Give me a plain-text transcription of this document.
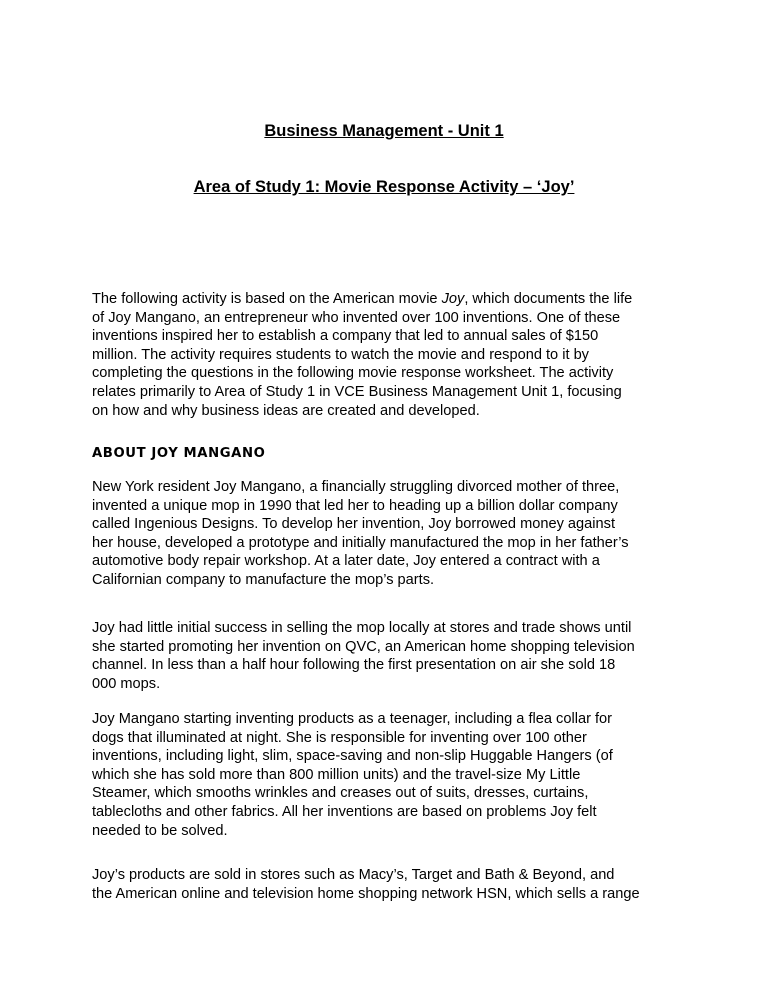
Business Management - Unit 1
Area of Study 1: Movie Response Activity – ‘Joy’
The following activity is based on the American movie Joy, which documents the life
of Joy Mangano, an entrepreneur who invented over 100 inventions. One of these
inventions inspired her to establish a company that led to annual sales of $150
million. The activity requires students to watch the movie and respond to it by
completing the questions in the following movie response worksheet. The activity
relates primarily to Area of Study 1 in VCE Business Management Unit 1, focusing
on how and why business ideas are created and developed.
ABOUT JOY MANGANO
New York resident Joy Mangano, a financially struggling divorced mother of three,
invented a unique mop in 1990 that led her to heading up a billion dollar company
called Ingenious Designs. To develop her invention, Joy borrowed money against
her house, developed a prototype and initially manufactured the mop in her father’s
automotive body repair workshop. At a later date, Joy entered a contract with a
Californian company to manufacture the mop’s parts.
Joy had little initial success in selling the mop locally at stores and trade shows until
she started promoting her invention on QVC, an American home shopping television
channel. In less than a half hour following the first presentation on air she sold 18
000 mops.
Joy Mangano starting inventing products as a teenager, including a flea collar for
dogs that illuminated at night. She is responsible for inventing over 100 other
inventions, including light, slim, space-saving and non-slip Huggable Hangers (of
which she has sold more than 800 million units) and the travel-size My Little
Steamer, which smooths wrinkles and creases out of suits, dresses, curtains,
tablecloths and other fabrics. All her inventions are based on problems Joy felt
needed to be solved.
Joy’s products are sold in stores such as Macy’s, Target and Bath & Beyond, and
the American online and television home shopping network HSN, which sells a range
